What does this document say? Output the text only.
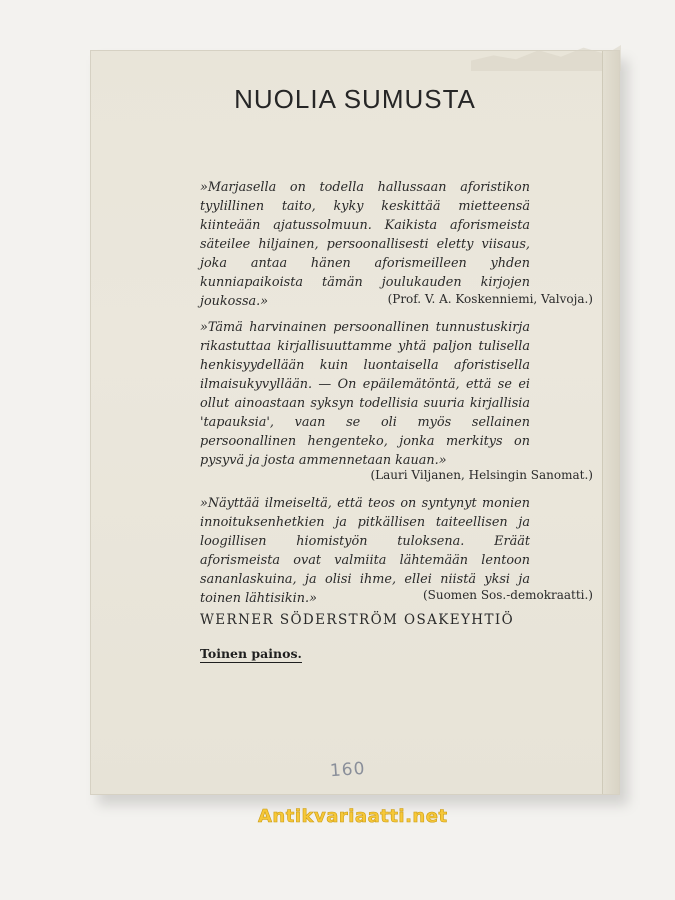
NUOLIA SUMUSTA

»Marjasella on todella hallussaan aforistikon tyylillinen taito, kyky keskittää mietteensä kiinteään ajatussolmuun. Kaikista aforismeista säteilee hiljainen, persoonallisesti eletty viisaus, joka antaa hänen aforismeilleen yhden kunniapaikoista tämän joulukauden kirjojen joukossa.»	(Prof. V. A. Koskenniemi, Valvoja.)

»Tämä harvinainen persoonallinen tunnustuskirja rikastuttaa kirjallisuuttamme yhtä paljon tulisella henkisyydellään kuin luontaisella aforistisella ilmaisukyvyllään. — On epäilemätöntä, että se ei ollut ainoastaan syksyn todellisia suuria kirjallisia 'tapauksia', vaan se oli myös sellainen persoonallinen hengenteko, jonka merkitys on pysyvä ja josta ammennetaan kauan.»

(Lauri Viljanen, Helsingin Sanomat.)

»Näyttää ilmeiseltä, että teos on syntynyt monien innoituksenhetkien ja pitkällisen taiteellisen ja loogillisen hiomistyön tuloksena. Eräät aforismeista ovat valmiita lähtemään lentoon sananlaskuina, ja olisi ihme, ellei niistä yksi ja toinen lähtisikin.»	(Suomen Sos.-demokraatti.)

WERNER SÖDERSTRÖM OSAKEYHTIÖ

Toinen painos.

160

Antikvariaatti.net
